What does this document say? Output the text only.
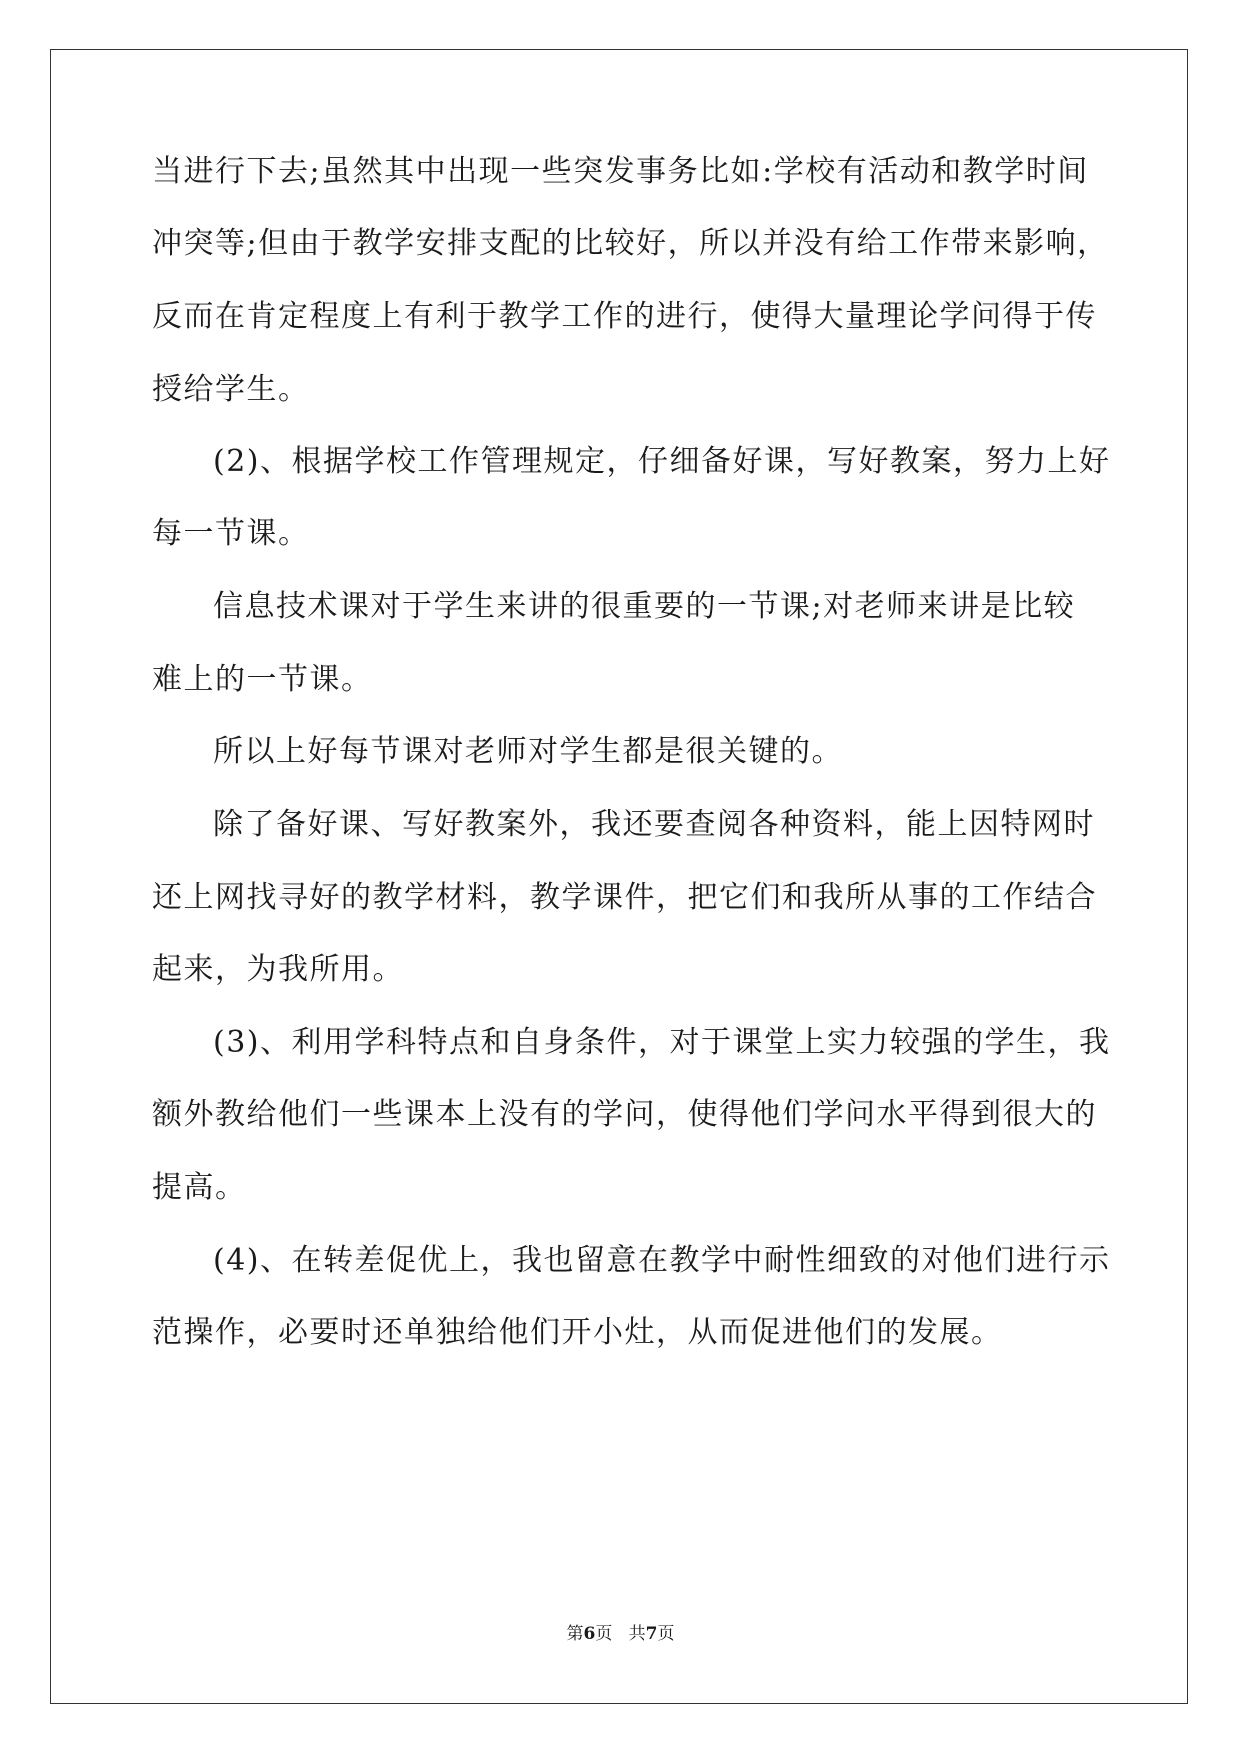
当进行下去;虽然其中出现一些突发事务比如:学校有活动和教学时间
冲突等;但由于教学安排支配的比较好，所以并没有给工作带来影响，
反而在肯定程度上有利于教学工作的进行，使得大量理论学问得于传
授给学生。
(2)、根据学校工作管理规定，仔细备好课，写好教案，努力上好
每一节课。
信息技术课对于学生来讲的很重要的一节课;对老师来讲是比较
难上的一节课。
所以上好每节课对老师对学生都是很关键的。
除了备好课、写好教案外，我还要查阅各种资料，能上因特网时
还上网找寻好的教学材料，教学课件，把它们和我所从事的工作结合
起来，为我所用。
(3)、利用学科特点和自身条件，对于课堂上实力较强的学生，我
额外教给他们一些课本上没有的学问，使得他们学问水平得到很大的
提高。
(4)、在转差促优上，我也留意在教学中耐性细致的对他们进行示
范操作，必要时还单独给他们开小灶，从而促进他们的发展。
第6页 共7页
